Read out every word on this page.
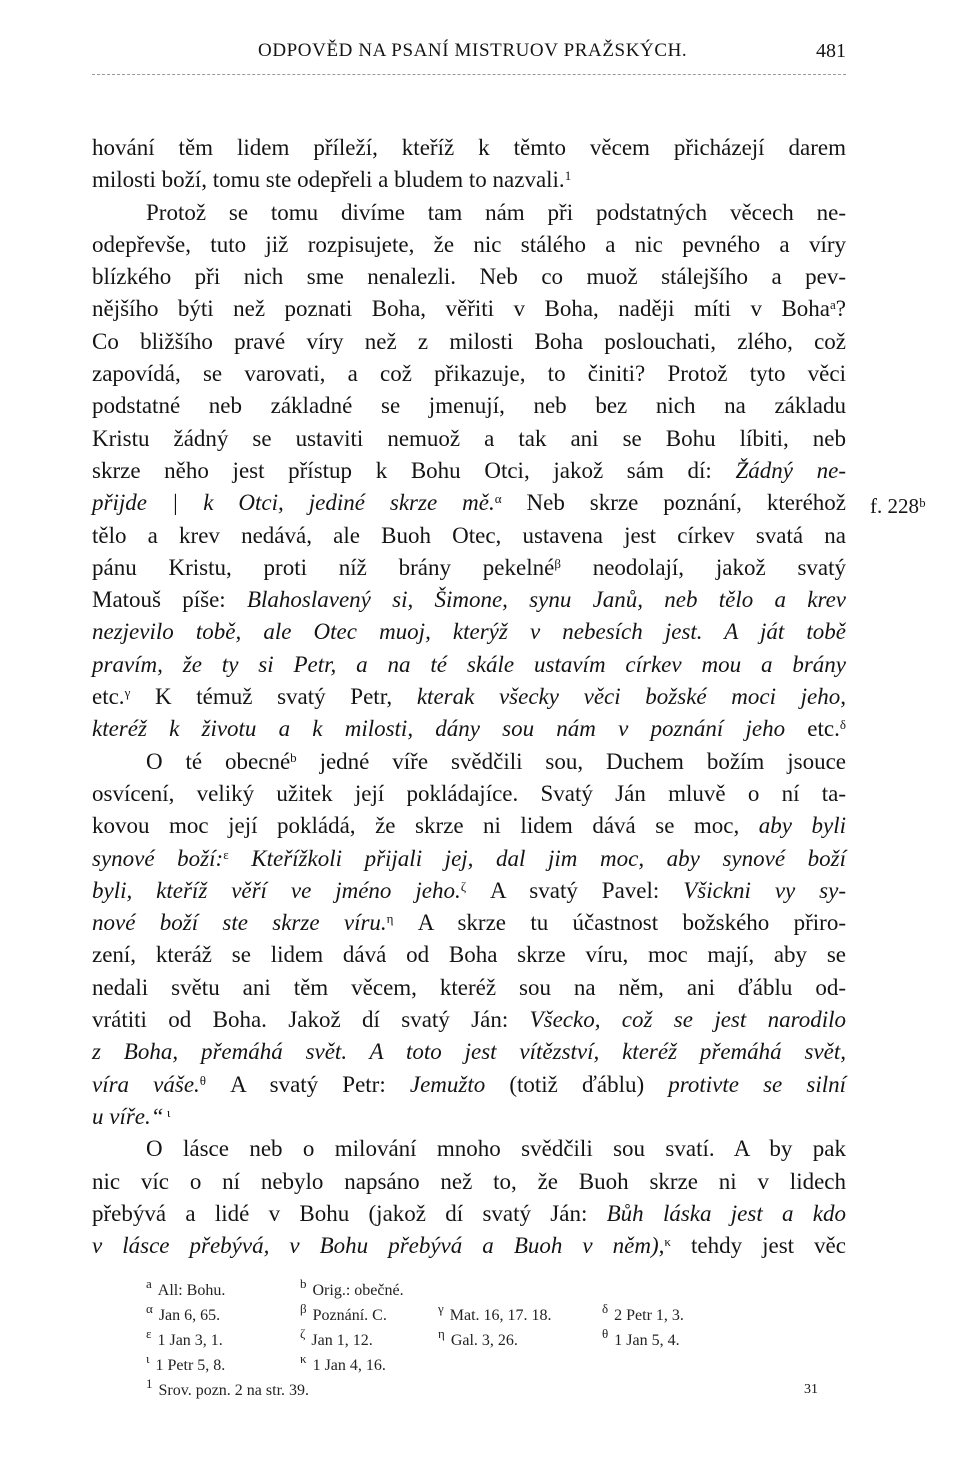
ODPOVĚD NA PSANÍ MISTRUOV PRAŽSKÝCH.	481
f. 228ᵇ
hování těm lidem příleží, kteříž k těmto věcem přicházejí darem
milosti boží, tomu ste odepřeli a bludem to nazvali.$^1$
Protož se tomu divíme tam nám při podstatných věcech ne-
odepřevše, tuto již rozpisujete, že nic stálého a nic pevného a víry
blízkého při nich sme nenalezli. Neb co muož stálejšího a pev-
nějšího býti než poznati Boha, věřiti v Boha, naději míti v Boha$^a$?
Co bližšího pravé víry než z milosti Boha poslouchati, zlého, což
zapovídá, se varovati, a což přikazuje, to činiti? Protož tyto věci
podstatné neb základné se jmenují, neb bez nich na základu
Kristu žádný se ustaviti nemuož a tak ani se Bohu líbiti, neb
skrze něho jest přístup k Bohu Otci, jakož sám dí: Žádný ne-
přijde | k Otci, jediné skrze mě.$^\alpha$ Neb skrze poznání, kteréhož
tělo a krev nedává, ale Buoh Otec, ustavena jest církev svatá na
pánu Kristu, proti níž brány pekelné$^\beta$ neodolají, jakož svatý
Matouš píše: Blahoslavený si, Šimone, synu Janů, neb tělo a krev
nezjevilo tobě, ale Otec muoj, kterýž v nebesích jest. A ját tobě
pravím, že ty si Petr, a na té skále ustavím církev mou a brány
etc.$^\gamma$ K témuž svatý Petr, kterak všecky věci božské moci jeho,
kteréž k životu a k milosti, dány sou nám v poznání jeho etc.$^\delta$
O té obecné$^b$ jedné víře svědčili sou, Duchem božím jsouce
osvícení, veliký užitek její pokládajíce. Svatý Ján mluvě o ní ta-
kovou moc její pokládá, že skrze ni lidem dává se moc, aby byli
synové boží:$^\varepsilon$ Kteřížkoli přijali jej, dal jim moc, aby synové boží
byli, kteříž věří ve jméno jeho.$^\zeta$ A svatý Pavel: Všickni vy sy-
nové boží ste skrze víru.$^\eta$ A skrze tu účastnost božského přiro-
zení, kteráž se lidem dává od Boha skrze víru, moc mají, aby se
nedali světu ani těm věcem, kteréž sou na něm, ani ďáblu od-
vrátiti od Boha. Jakož dí svatý Ján: Všecko, což se jest narodilo
z Boha, přemáhá svět. A toto jest vítězství, kteréž přemáhá svět,
víra váše.$^\theta$ A svatý Petr: Jemužto (totiž ďáblu) protivte se silní
u víře.“ $^\iota$
O lásce neb o milování mnoho svědčili sou svatí. A by pak
nic víc o ní nebylo napsáno než to, že Buoh skrze ni v lidech
přebývá a lidé v Bohu (jakož dí svatý Ján: Bůh láska jest a kdo
v lásce přebývá, v Bohu přebývá a Buoh v něm),$^\kappa$ tehdy jest věc
$^a$ All: Bohu.	$^b$ Orig.: obečné.
$^\alpha$ Jan 6, 65.	$^\beta$ Poznání. C.	$^\gamma$ Mat. 16, 17. 18.	$^\delta$ 2 Petr 1, 3.
$^\varepsilon$ 1 Jan 3, 1.	$^\zeta$ Jan 1, 12.	$^\eta$ Gal. 3, 26.	$^\theta$ 1 Jan 5, 4.
$^\iota$ 1 Petr 5, 8.	$^\kappa$ 1 Jan 4, 16.
$^1$ Srov. pozn. 2 na str. 39.	31
